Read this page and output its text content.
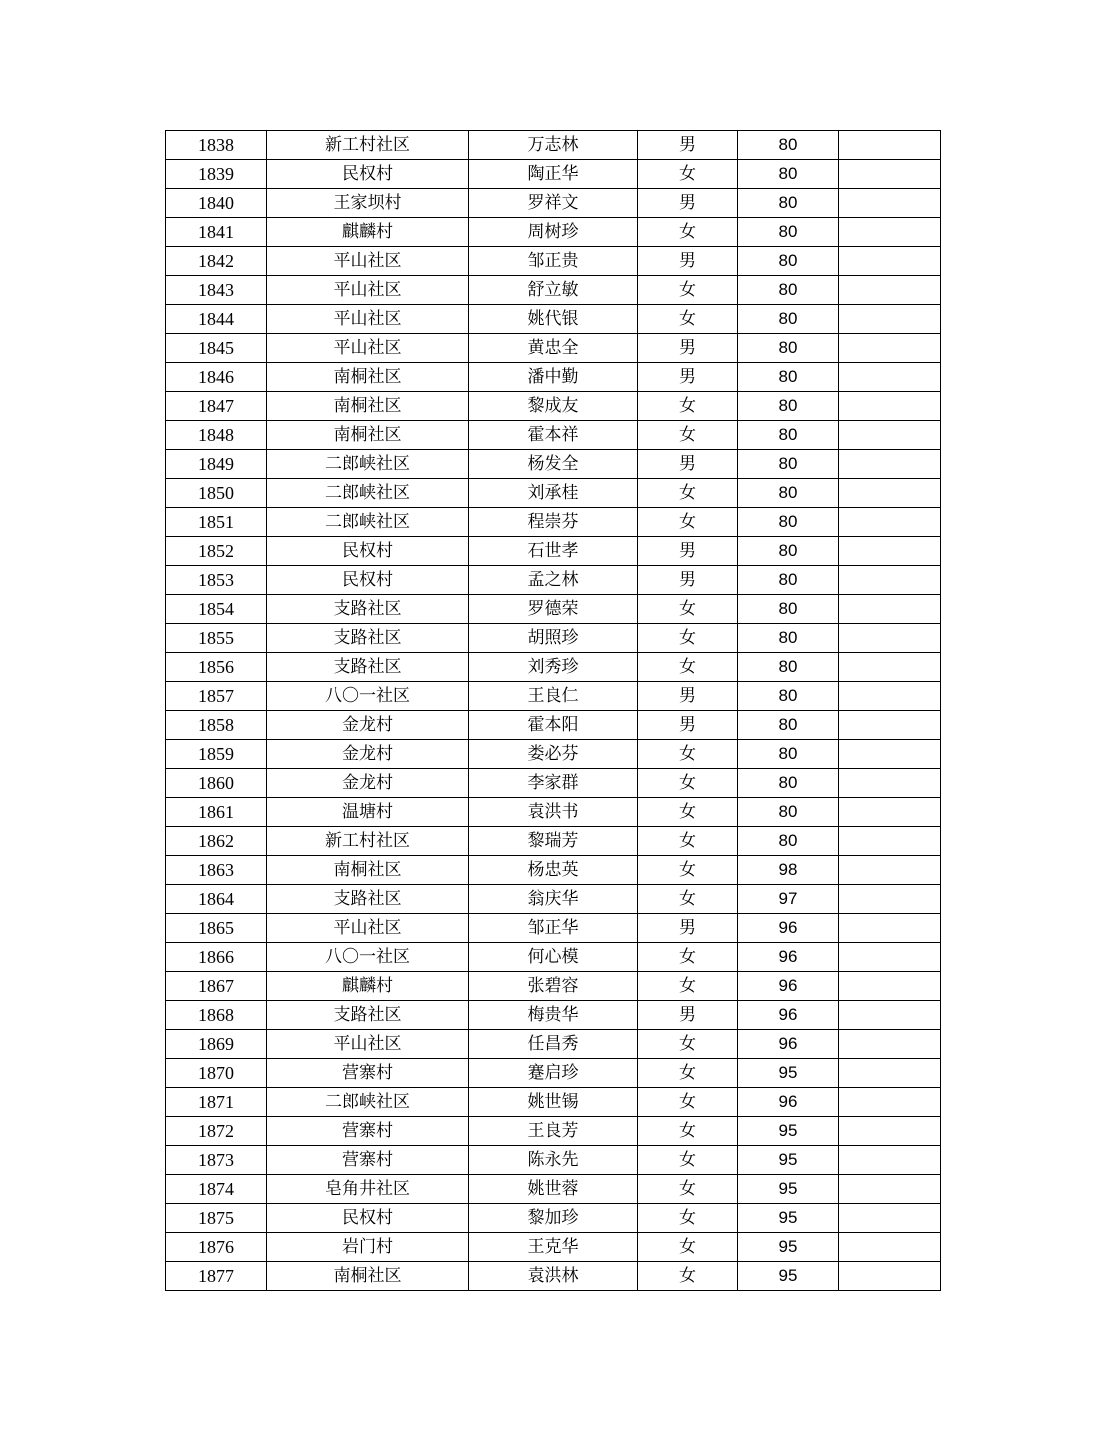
1838	新工村社区	万志林	男	80	
1839	民权村	陶正华	女	80	
1840	王家坝村	罗祥文	男	80	
1841	麒麟村	周树珍	女	80	
1842	平山社区	邹正贵	男	80	
1843	平山社区	舒立敏	女	80	
1844	平山社区	姚代银	女	80	
1845	平山社区	黄忠全	男	80	
1846	南桐社区	潘中勤	男	80	
1847	南桐社区	黎成友	女	80	
1848	南桐社区	霍本祥	女	80	
1849	二郎峡社区	杨发全	男	80	
1850	二郎峡社区	刘承桂	女	80	
1851	二郎峡社区	程崇芬	女	80	
1852	民权村	石世孝	男	80	
1853	民权村	孟之林	男	80	
1854	支路社区	罗德荣	女	80	
1855	支路社区	胡照珍	女	80	
1856	支路社区	刘秀珍	女	80	
1857	八〇一社区	王良仁	男	80	
1858	金龙村	霍本阳	男	80	
1859	金龙村	娄必芬	女	80	
1860	金龙村	李家群	女	80	
1861	温塘村	袁洪书	女	80	
1862	新工村社区	黎瑞芳	女	80	
1863	南桐社区	杨忠英	女	98	
1864	支路社区	翁庆华	女	97	
1865	平山社区	邹正华	男	96	
1866	八〇一社区	何心模	女	96	
1867	麒麟村	张碧容	女	96	
1868	支路社区	梅贵华	男	96	
1869	平山社区	任昌秀	女	96	
1870	营寨村	蹇启珍	女	95	
1871	二郎峡社区	姚世锡	女	96	
1872	营寨村	王良芳	女	95	
1873	营寨村	陈永先	女	95	
1874	皂角井社区	姚世蓉	女	95	
1875	民权村	黎加珍	女	95	
1876	岩门村	王克华	女	95	
1877	南桐社区	袁洪林	女	95	
